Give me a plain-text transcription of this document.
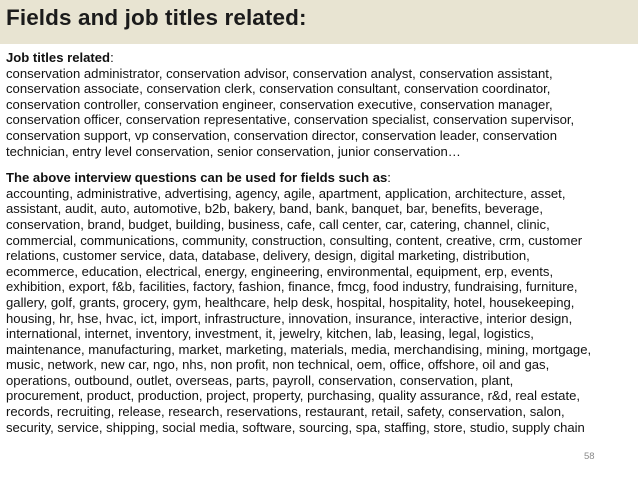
Fields and job titles related:

Job titles related:

conservation administrator, conservation advisor, conservation analyst, conservation assistant,
conservation associate, conservation clerk, conservation consultant, conservation coordinator,
conservation controller, conservation engineer, conservation executive, conservation manager,
conservation officer, conservation representative, conservation specialist, conservation supervisor,
conservation support, vp conservation, conservation director, conservation leader, conservation
technician, entry level conservation, senior conservation, junior conservation…

The above interview questions can be used for fields such as:

accounting, administrative, advertising, agency, agile, apartment, application, architecture, asset,
assistant, audit, auto, automotive, b2b, bakery, band, bank, banquet, bar, benefits, beverage,
conservation, brand, budget, building, business, cafe, call center, car, catering, channel, clinic,
commercial, communications, community, construction, consulting, content, creative, crm, customer
relations, customer service, data, database, delivery, design, digital marketing, distribution,
ecommerce, education, electrical, energy, engineering, environmental, equipment, erp, events,
exhibition, export, f&b, facilities, factory, fashion, finance, fmcg, food industry, fundraising, furniture,
gallery, golf, grants, grocery, gym, healthcare, help desk, hospital, hospitality, hotel, housekeeping,
housing, hr, hse, hvac, ict, import, infrastructure, innovation, insurance, interactive, interior design,
international, internet, inventory, investment, it, jewelry, kitchen, lab, leasing, legal, logistics,
maintenance, manufacturing, market, marketing, materials, media, merchandising, mining, mortgage,
music, network, new car, ngo, nhs, non profit, non technical, oem, office, offshore, oil and gas,
operations, outbound, outlet, overseas, parts, payroll, conservation, conservation, plant,
procurement, product, production, project, property, purchasing, quality assurance, r&d, real estate,
records, recruiting, release, research, reservations, restaurant, retail, safety, conservation, salon,
security, service, shipping, social media, software, sourcing, spa, staffing, store, studio, supply chain

58
